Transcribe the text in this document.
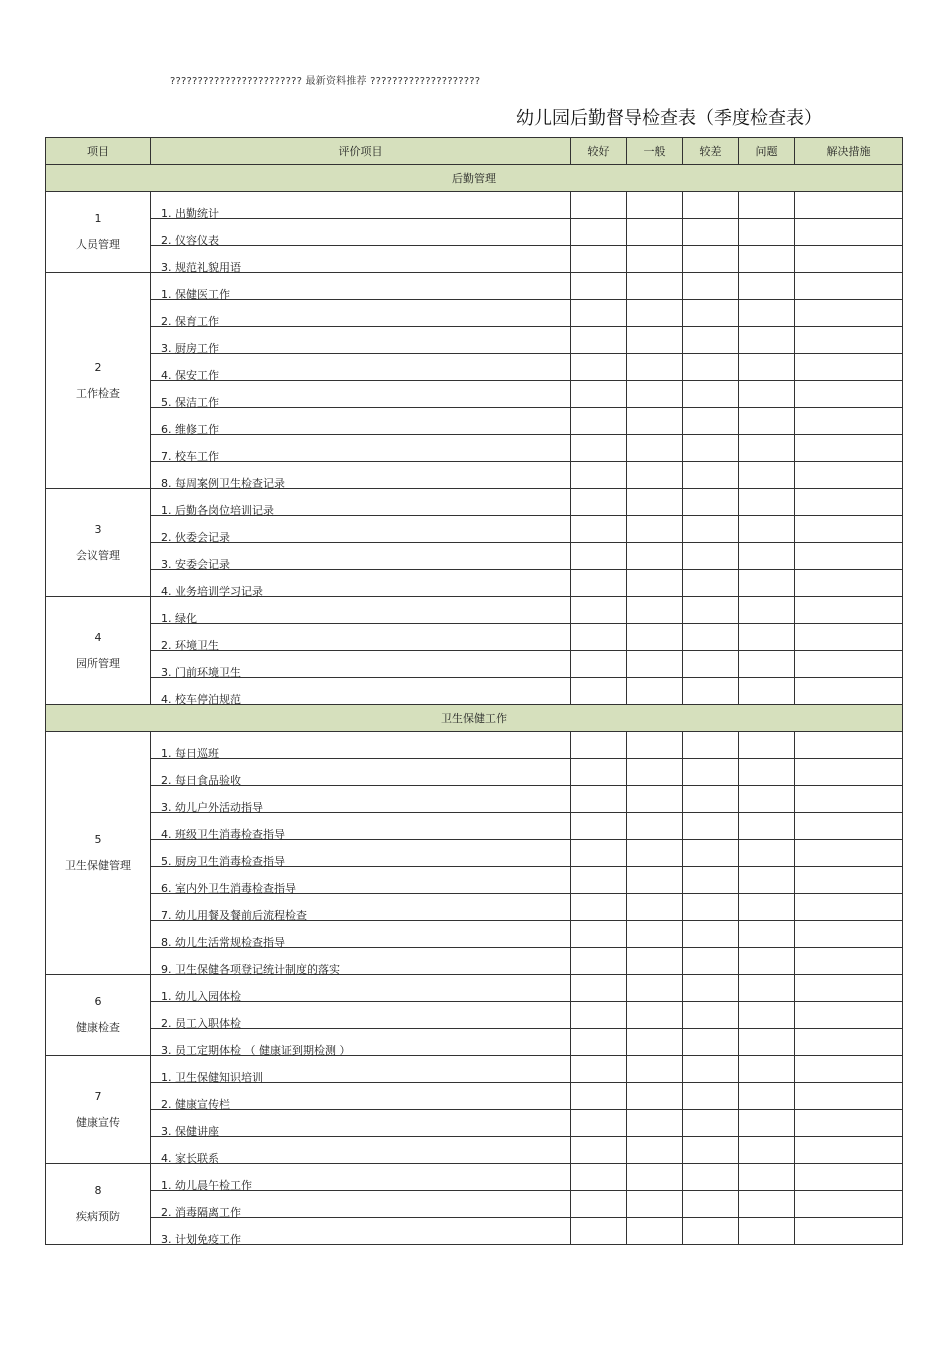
???????????????????????? 最新资料推荐 ????????????????????
幼儿园后勤督导检查表（季度检查表）
项目	评价项目	较好	一般	较差	问题	解决措施
后勤管理						

1
人员管理	1. 出勤统计					
	2. 仪容仪表					
	3. 规范礼貌用语					

2
工作检查	1. 保健医工作					
	2. 保育工作					
	3. 厨房工作					
	4. 保安工作					
	5. 保洁工作					
	6. 维修工作					
	7. 校车工作					
	8. 每周案例卫生检查记录					

3
会议管理	1. 后勤各岗位培训记录					
	2. 伙委会记录					
	3. 安委会记录					
	4. 业务培训学习记录					

4
园所管理	1. 绿化					
	2. 环境卫生					
	3. 门前环境卫生					
	4. 校车停泊规范					
卫生保健工作						

5
卫生保健管理	1. 每日巡班					
	2. 每日食品验收					
	3. 幼儿户外活动指导					
	4. 班级卫生消毒检查指导					
	5. 厨房卫生消毒检查指导					
	6. 室内外卫生消毒检查指导					
	7. 幼儿用餐及餐前后流程检查					
	8. 幼儿生活常规检查指导					
	9. 卫生保健各项登记统计制度的落实					

6
健康检查	1. 幼儿入园体检					
	2. 员工入职体检					
	3. 员工定期体检 （ 健康证到期检测 ）					

7
健康宣传	1. 卫生保健知识培训					
	2. 健康宣传栏					
	3. 保健讲座					
	4. 家长联系					

8
疾病预防	1. 幼儿晨午检工作					
	2. 消毒隔离工作					
	3. 计划免疫工作					
